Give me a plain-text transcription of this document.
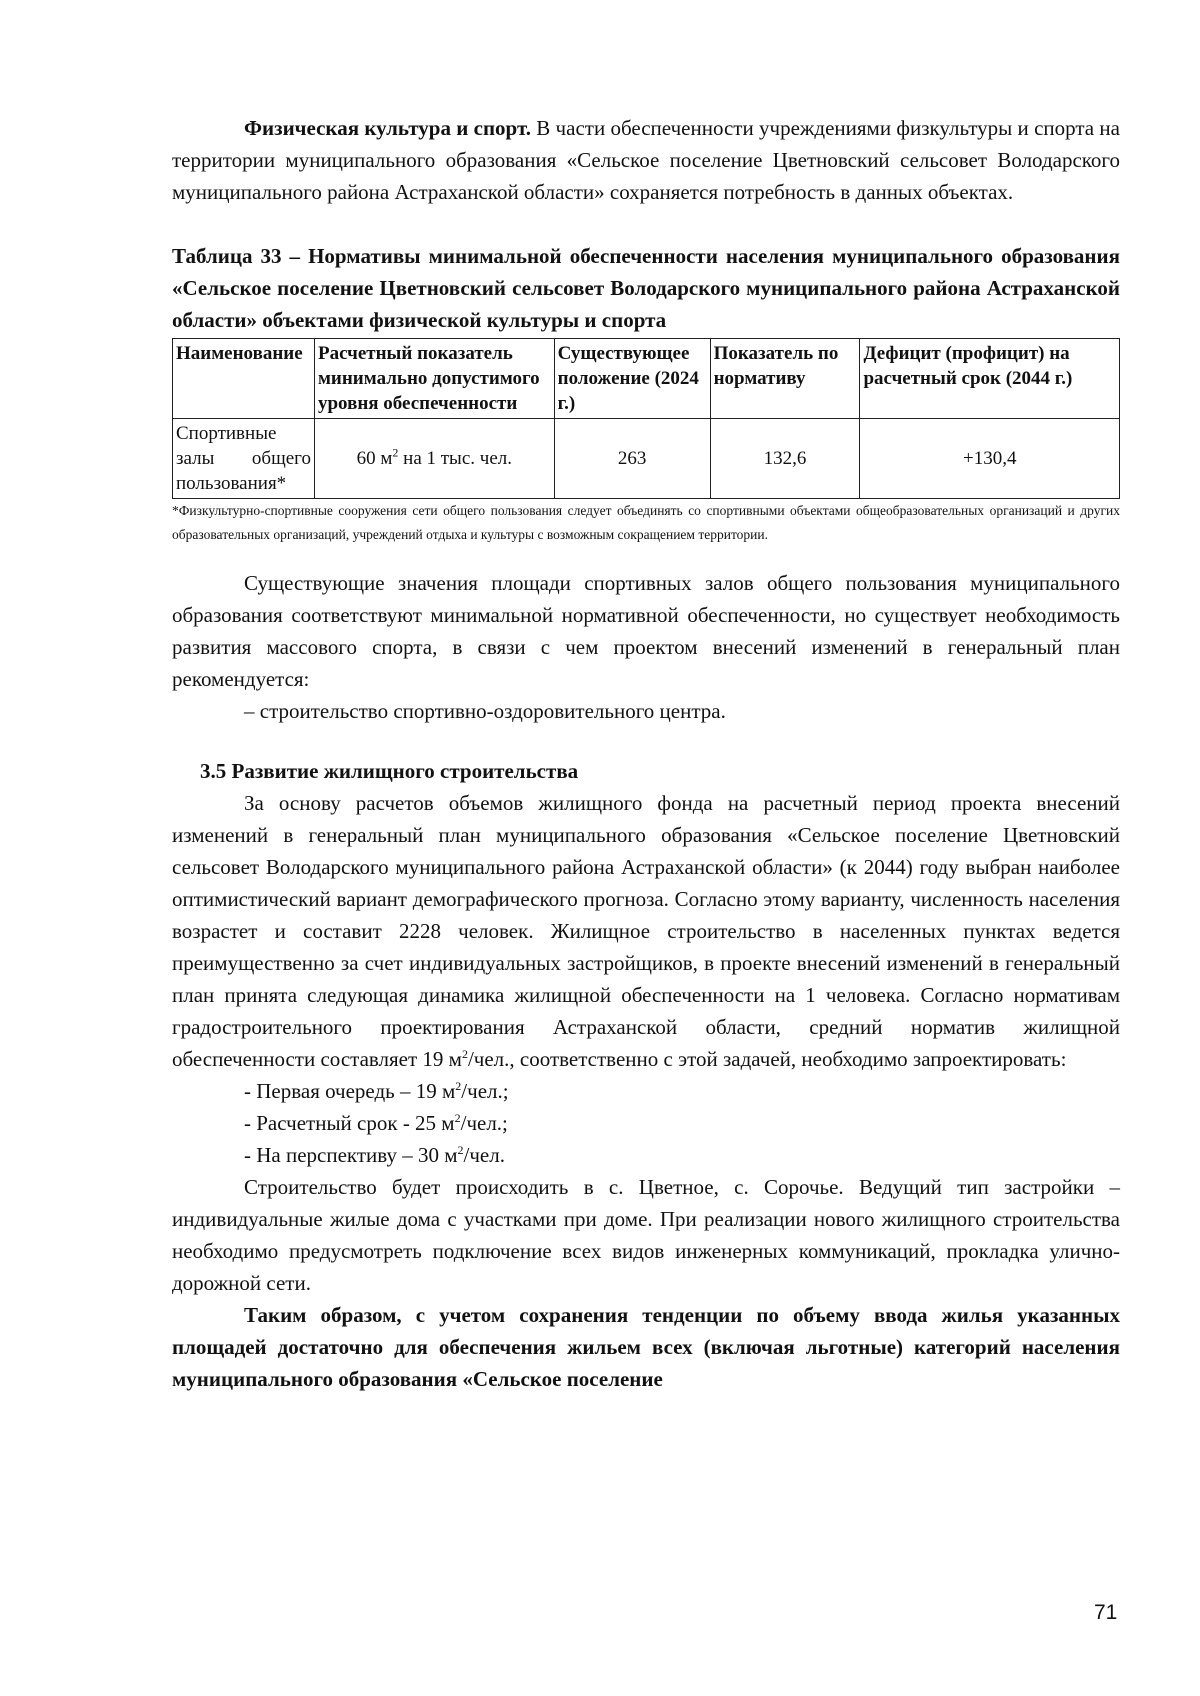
Физическая культура и спорт. В части обеспеченности учреждениями физкультуры и спорта на территории муниципального образования «Сельское поселение Цветновский сельсовет Володарского муниципального района Астраханской области» сохраняется потребность в данных объектах.

Таблица 33 – Нормативы минимальной обеспеченности населения муниципального образования «Сельское поселение Цветновский сельсовет Володарского муниципального района Астраханской области» объектами физической культуры и спорта

Наименование	Расчетный показатель минимально допустимого уровня обеспеченности	Существующее положение (2024 г.)	Показатель по нормативу	Дефицит (профицит) на расчетный срок (2044 г.)
Спортивные залы общего пользования*	60 $м^2$ на 1 тыс. чел.	263	132,6	+130,4

*Физкультурно-спортивные сооружения сети общего пользования следует объединять со спортивными объектами общеобразовательных организаций и других образовательных организаций, учреждений отдыха и культуры с возможным сокращением территории.

Существующие значения площади спортивных залов общего пользования муниципального образования соответствуют минимальной нормативной обеспеченности, но существует необходимость развития массового спорта, в связи с чем проектом внесений изменений в генеральный план рекомендуется:

– строительство спортивно-оздоровительного центра.
3.5 Развитие жилищного строительства

За основу расчетов объемов жилищного фонда на расчетный период проекта внесений изменений в генеральный план муниципального образования «Сельское поселение Цветновский сельсовет Володарского муниципального района Астраханской области» (к 2044) году выбран наиболее оптимистический вариант демографического прогноза. Согласно этому варианту, численность населения возрастет и составит 2228 человек. Жилищное строительство в населенных пунктах ведется преимущественно за счет индивидуальных застройщиков, в проекте внесений изменений в генеральный план принята следующая динамика жилищной обеспеченности на 1 человека. Согласно нормативам градостроительного проектирования Астраханской области, средний норматив жилищной обеспеченности составляет 19 $м^2$/чел., соответственно с этой задачей, необходимо запроектировать:

- Первая очередь – 19 $м^2$/чел.;
- Расчетный срок - 25 $м^2$/чел.;
- На перспективу – 30 $м^2$/чел.

Строительство будет происходить в с. Цветное, с. Сорочье. Ведущий тип застройки – индивидуальные жилые дома с участками при доме. При реализации нового жилищного строительства необходимо предусмотреть подключение всех видов инженерных коммуникаций, прокладка улично-дорожной сети.

Таким образом, с учетом сохранения тенденции по объему ввода жилья указанных площадей достаточно для обеспечения жильем всех (включая льготные) категорий населения муниципального образования «Сельское поселение

71
